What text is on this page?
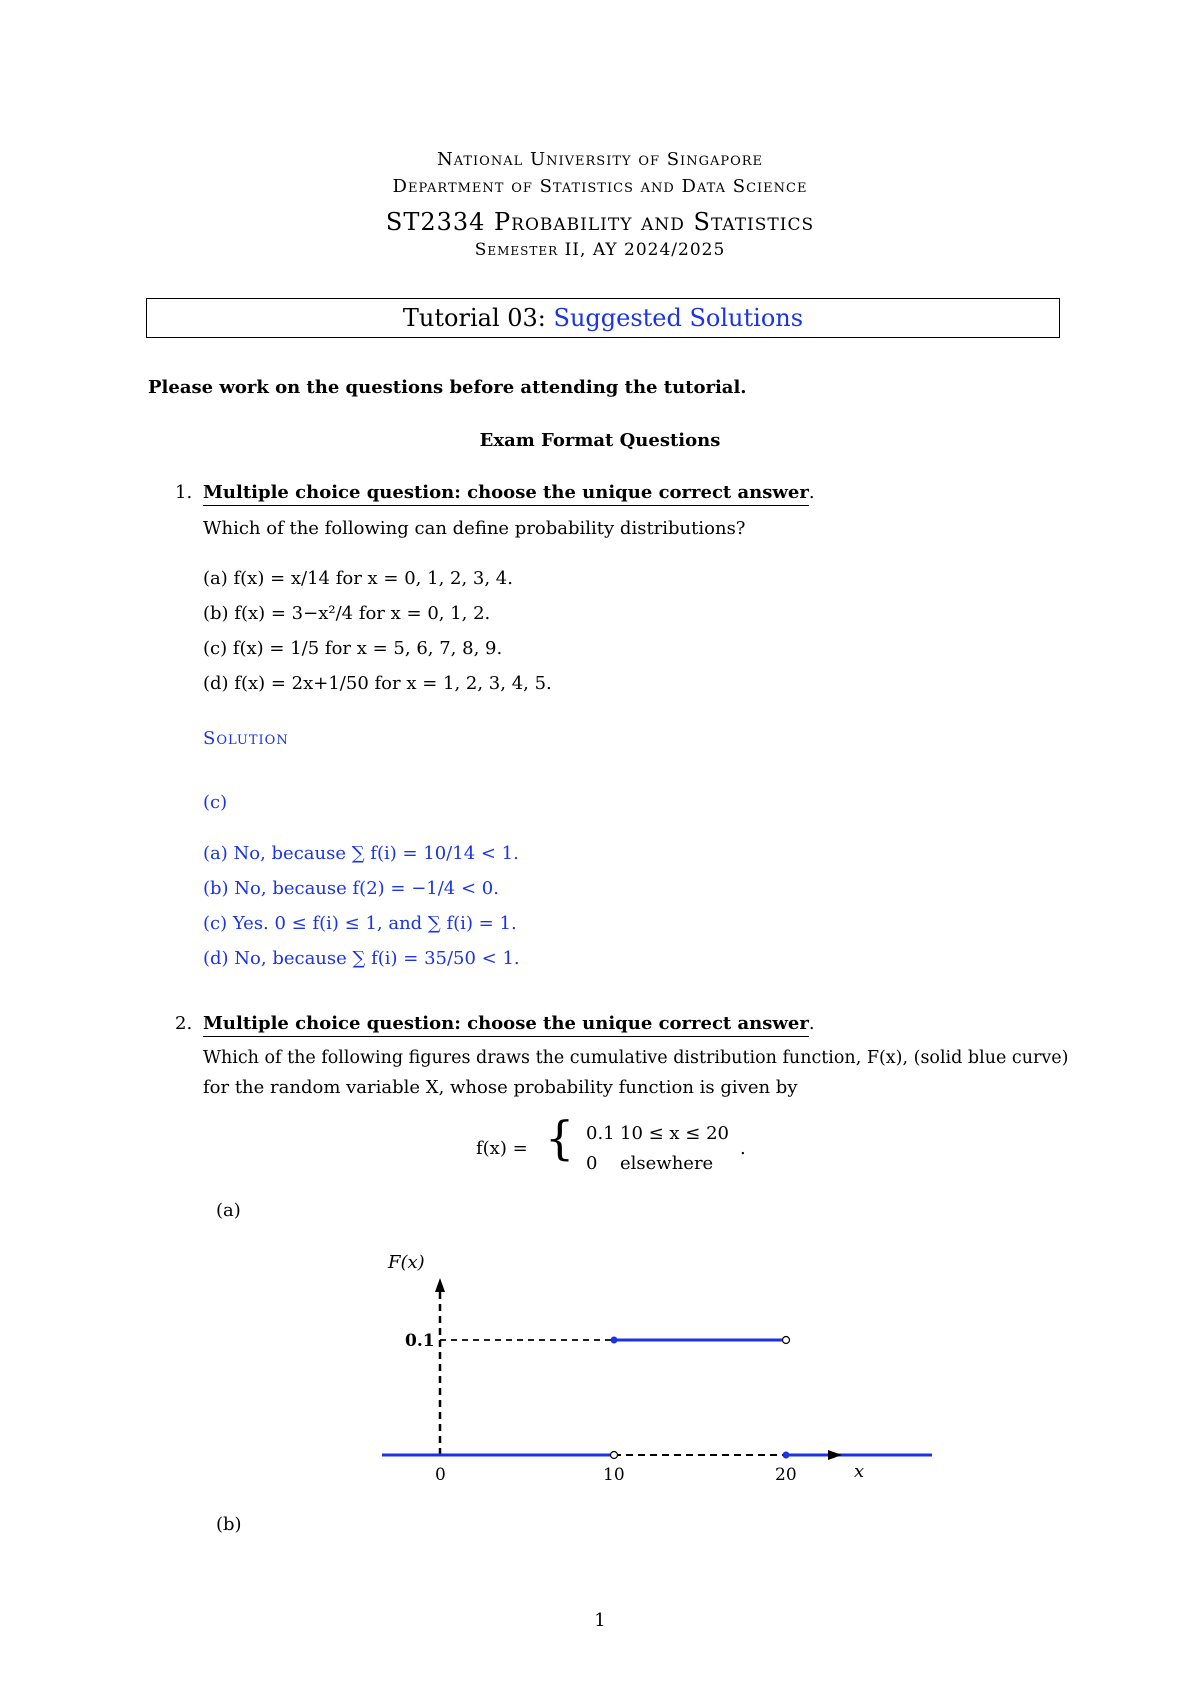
National University of Singapore
Department of Statistics and Data Science
ST2334 Probability and Statistics
Semester II, AY 2024/2025
Tutorial 03: Suggested Solutions
Please work on the questions before attending the tutorial.
Exam Format Questions
1. Multiple choice question: choose the unique correct answer.
Which of the following can define probability distributions?
(a) f(x) = x/14 for x = 0, 1, 2, 3, 4.
(b) f(x) = 3−x²/4 for x = 0, 1, 2.
(c) f(x) = 1/5 for x = 5, 6, 7, 8, 9.
(d) f(x) = 2x+1/50 for x = 1, 2, 3, 4, 5.
Solution
(c)
(a) No, because ∑ f(i) = 10/14 < 1.
(b) No, because f(2) = −1/4 < 0.
(c) Yes. 0 ≤ f(i) ≤ 1, and ∑ f(i) = 1.
(d) No, because ∑ f(i) = 35/50 < 1.
2. Multiple choice question: choose the unique correct answer.
Which of the following figures draws the cumulative distribution function, F(x), (solid blue curve)
for the random variable X, whose probability function is given by
f(x) =
0.1 10 ≤ x ≤ 20
0 elsewhere
.
{
(a)
F(x)
0.1
0	10	20	x
(b)
1
